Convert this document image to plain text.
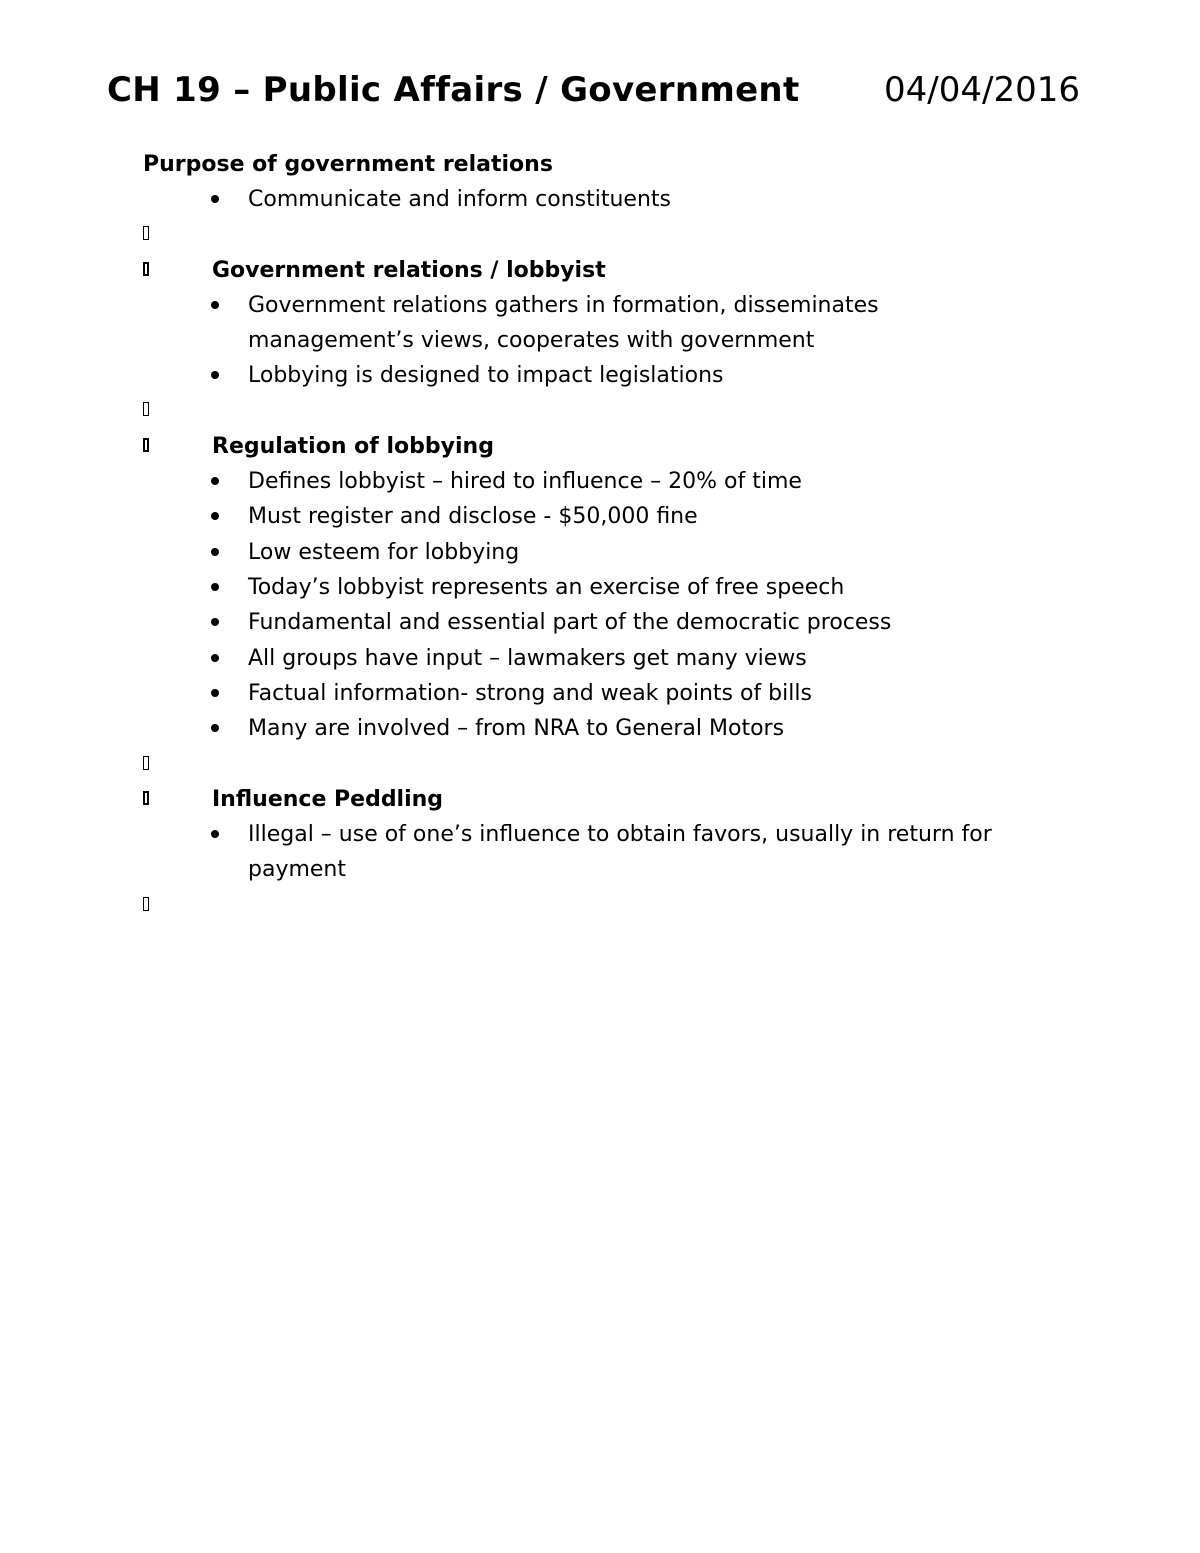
CH 19 – Public Affairs / Government 04/04/2016
Purpose of government relations
Communicate and inform constituents
Government relations / lobbyist
Government relations gathers in formation, disseminates
management’s views, cooperates with government
Lobbying is designed to impact legislations
Regulation of lobbying
Defines lobbyist – hired to influence – 20% of time
Must register and disclose - $50,000 fine
Low esteem for lobbying
Today’s lobbyist represents an exercise of free speech
Fundamental and essential part of the democratic process
All groups have input – lawmakers get many views
Factual information- strong and weak points of bills
Many are involved – from NRA to General Motors
Influence Peddling
Illegal – use of one’s influence to obtain favors, usually in return for
payment
